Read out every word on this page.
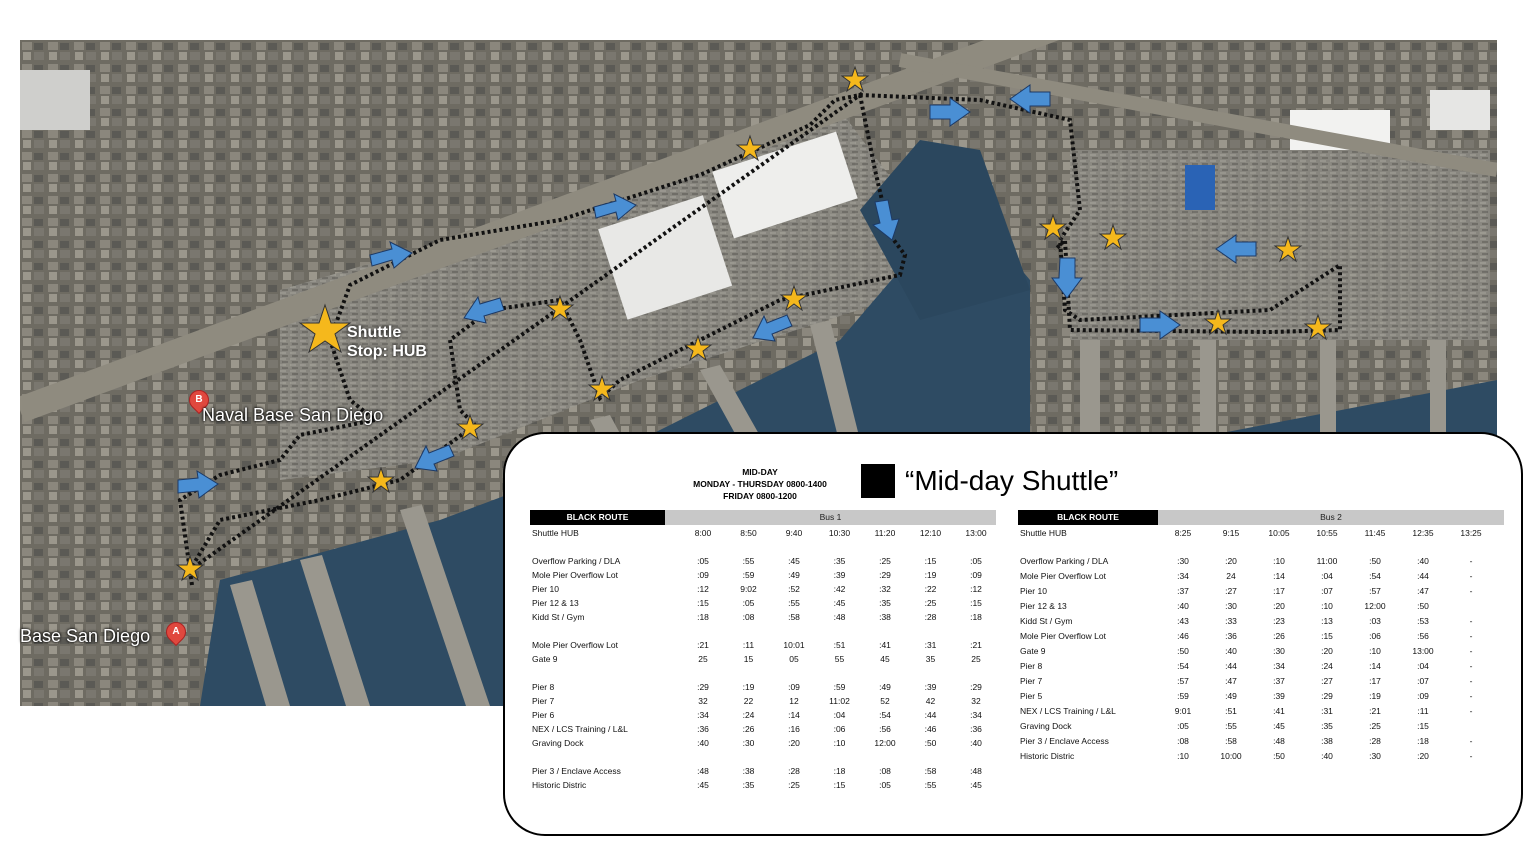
Shuttle
Stop: HUB
B
Naval Base San Diego
A
Base San Diego
MID-DAY
MONDAY - THURSDAY 0800-1400
FRIDAY 0800-1200	“Mid-day Shuttle”
BLACK ROUTE	Bus 1
Shuttle HUB	8:00	8:50	9:40	10:30	11:20	12:10	13:00
Overflow Parking / DLA	:05	:55	:45	:35	:25	:15	:05
Mole Pier Overflow Lot	:09	:59	:49	:39	:29	:19	:09
Pier 10	:12	9:02	:52	:42	:32	:22	:12
Pier 12 & 13	:15	:05	:55	:45	:35	:25	:15
Kidd St / Gym	:18	:08	:58	:48	:38	:28	:18
Mole Pier Overflow Lot	:21	:11	10:01	:51	:41	:31	:21
Gate 9	25	15	05	55	45	35	25
Pier 8	:29	:19	:09	:59	:49	:39	:29
Pier 7	32	22	12	11:02	52	42	32
Pier 6	:34	:24	:14	:04	:54	:44	:34
NEX / LCS Training / L&L	:36	:26	:16	:06	:56	:46	:36
Graving Dock	:40	:30	:20	:10	12:00	:50	:40
Pier 3 / Enclave Access	:48	:38	:28	:18	:08	:58	:48
Historic Distric	:45	:35	:25	:15	:05	:55	:45
BLACK ROUTE	Bus 2
Shuttle HUB	8:25	9:15	10:05	10:55	11:45	12:35	13:25
Overflow Parking / DLA	:30	:20	:10	11:00	:50	:40	-
Mole Pier Overflow Lot	:34	24	:14	:04	:54	:44	-
Pier 10	:37	:27	:17	:07	:57	:47	-
Pier 12 & 13	:40	:30	:20	:10	12:00	:50
Kidd St / Gym	:43	:33	:23	:13	:03	:53	-
Mole Pier Overflow Lot	:46	:36	:26	:15	:06	:56	-
Gate 9	:50	:40	:30	:20	:10	13:00	-
Pier 8	:54	:44	:34	:24	:14	:04	-
Pier 7	:57	:47	:37	:27	:17	:07	-
Pier 5	:59	:49	:39	:29	:19	:09	-
NEX / LCS Training / L&L	9:01	:51	:41	:31	:21	:11	-
Graving Dock	:05	:55	:45	:35	:25	:15
Pier 3 / Enclave Access	:08	:58	:48	:38	:28	:18	-
Historic Distric	:10	10:00	:50	:40	:30	:20	-
